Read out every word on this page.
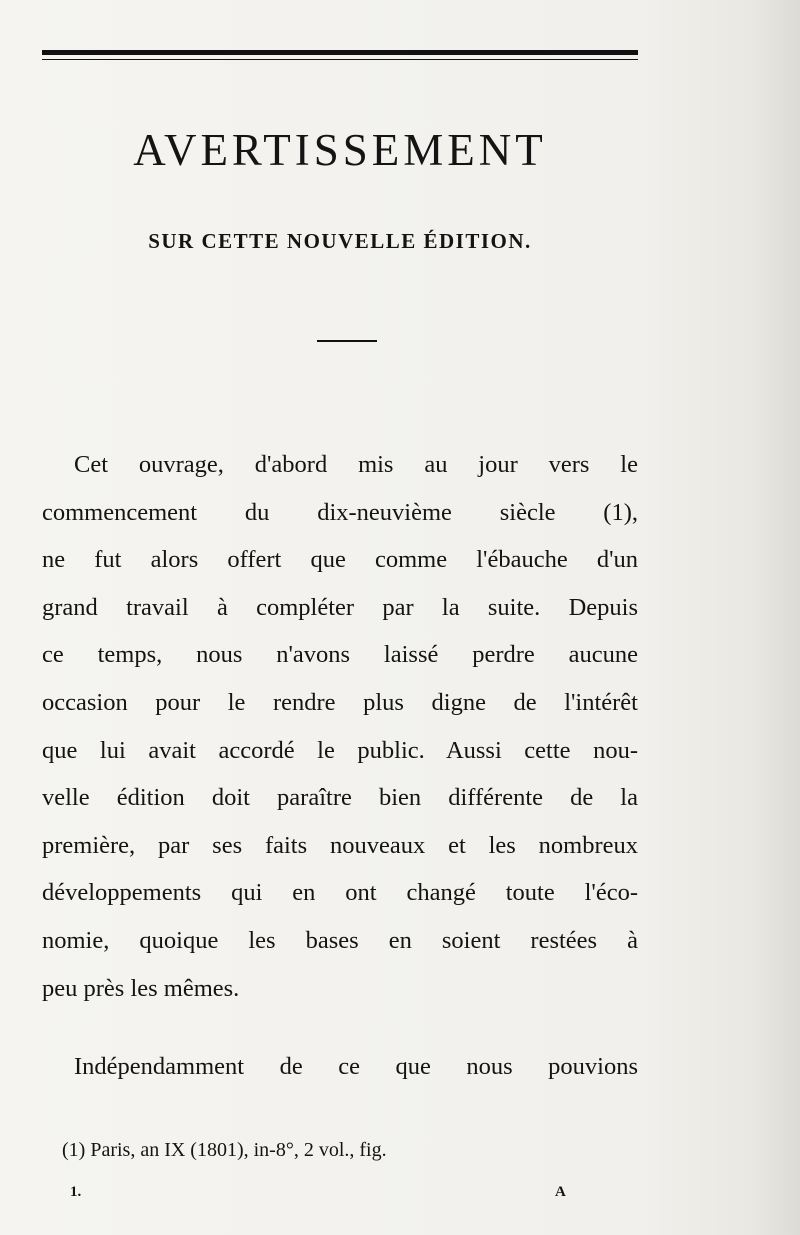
AVERTISSEMENT
SUR CETTE NOUVELLE ÉDITION.

Cet ouvrage, d'abord mis au jour vers le
commencement du dix-neuvième siècle (1),
ne fut alors offert que comme l'ébauche d'un
grand travail à compléter par la suite. Depuis
ce temps, nous n'avons laissé perdre aucune
occasion pour le rendre plus digne de l'intérêt
que lui avait accordé le public. Aussi cette nou-
velle édition doit paraître bien différente de la
première, par ses faits nouveaux et les nombreux
développements qui en ont changé toute l'éco-
nomie, quoique les bases en soient restées à
peu près les mêmes.

Indépendamment de ce que nous pouvions

(1) Paris, an IX (1801), in-8°, 2 vol., fig.

1.	A
